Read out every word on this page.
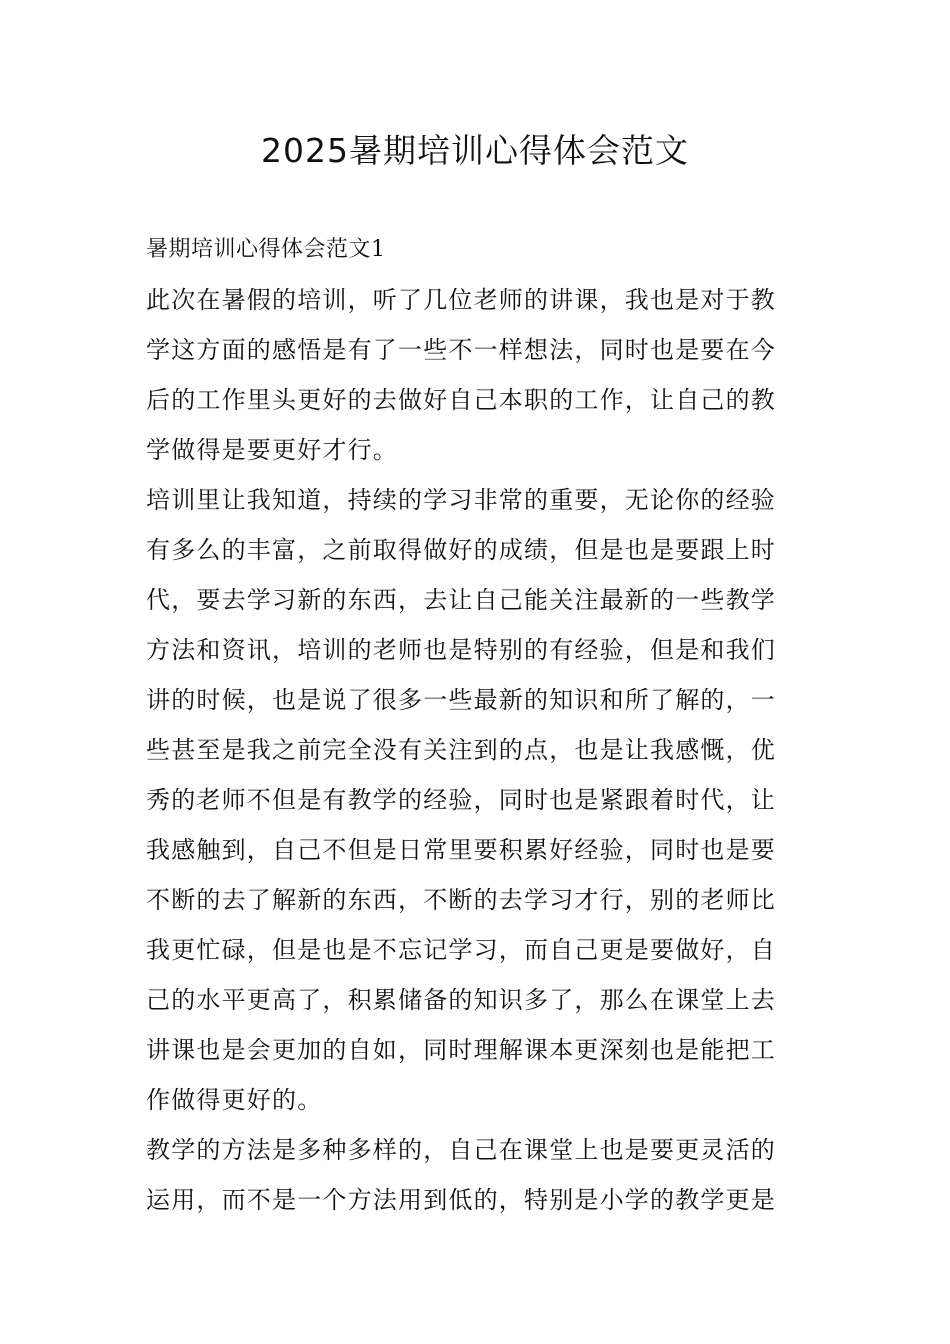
2025暑期培训心得体会范文
暑期培训心得体会范文1
此次在暑假的培训，听了几位老师的讲课，我也是对于教
学这方面的感悟是有了一些不一样想法，同时也是要在今
后的工作里头更好的去做好自己本职的工作，让自己的教
学做得是要更好才行。
培训里让我知道，持续的学习非常的重要，无论你的经验
有多么的丰富，之前取得做好的成绩，但是也是要跟上时
代，要去学习新的东西，去让自己能关注最新的一些教学
方法和资讯，培训的老师也是特别的有经验，但是和我们
讲的时候，也是说了很多一些最新的知识和所了解的，一
些甚至是我之前完全没有关注到的点，也是让我感慨，优
秀的老师不但是有教学的经验，同时也是紧跟着时代，让
我感触到，自己不但是日常里要积累好经验，同时也是要
不断的去了解新的东西，不断的去学习才行，别的老师比
我更忙碌，但是也是不忘记学习，而自己更是要做好，自
己的水平更高了，积累储备的知识多了，那么在课堂上去
讲课也是会更加的自如，同时理解课本更深刻也是能把工
作做得更好的。
教学的方法是多种多样的，自己在课堂上也是要更灵活的
运用，而不是一个方法用到低的，特别是小学的教学更是
